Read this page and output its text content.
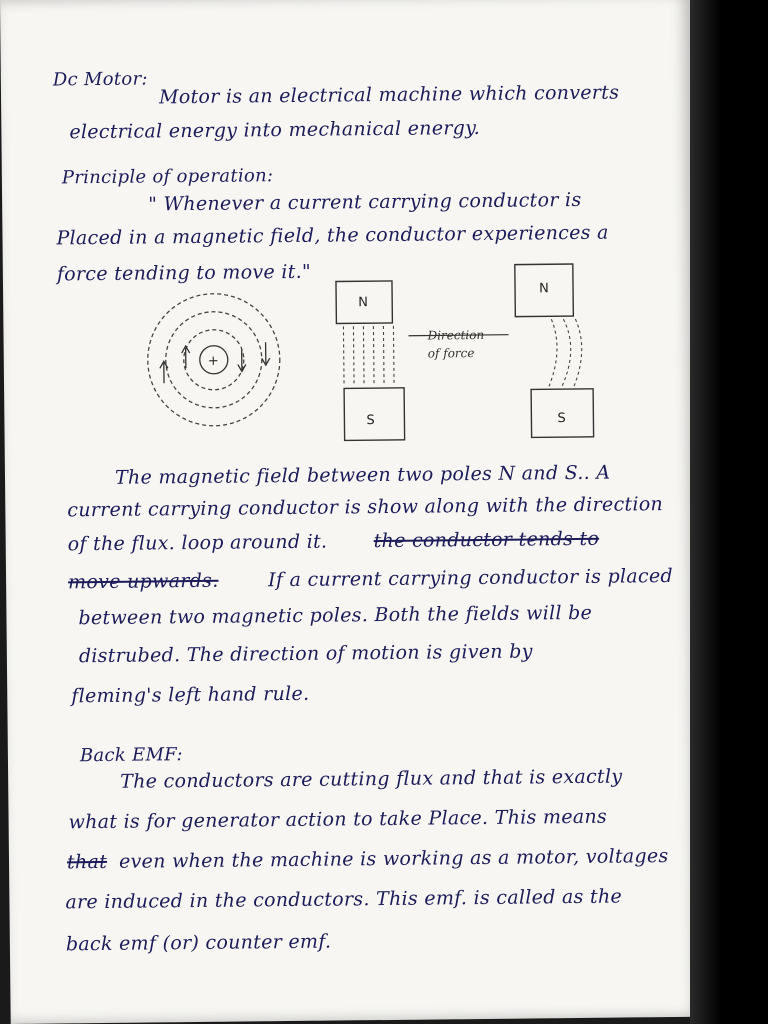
Dc Motor:
Motor is an electrical machine which converts
electrical energy into mechanical energy.
Principle of operation:
" Whenever a current carrying conductor is
Placed in a magnetic field, the conductor experiences a
force tending to move it."
+
N
S
N
S
Direction
of force
The magnetic field between two poles N and S.. A
current carrying conductor is show along with the direction
of the flux. loop around it. the conductor tends to
move upwards.	If a current carrying conductor is placed
between two magnetic poles. Both the fields will be
distrubed. The direction of motion is given by
fleming's left hand rule.
Back EMF:
The conductors are cutting flux and that is exactly
what is for generator action to take Place. This means
that even when the machine is working as a motor, voltages
are induced in the conductors. This emf. is called as the
back emf (or) counter emf.
